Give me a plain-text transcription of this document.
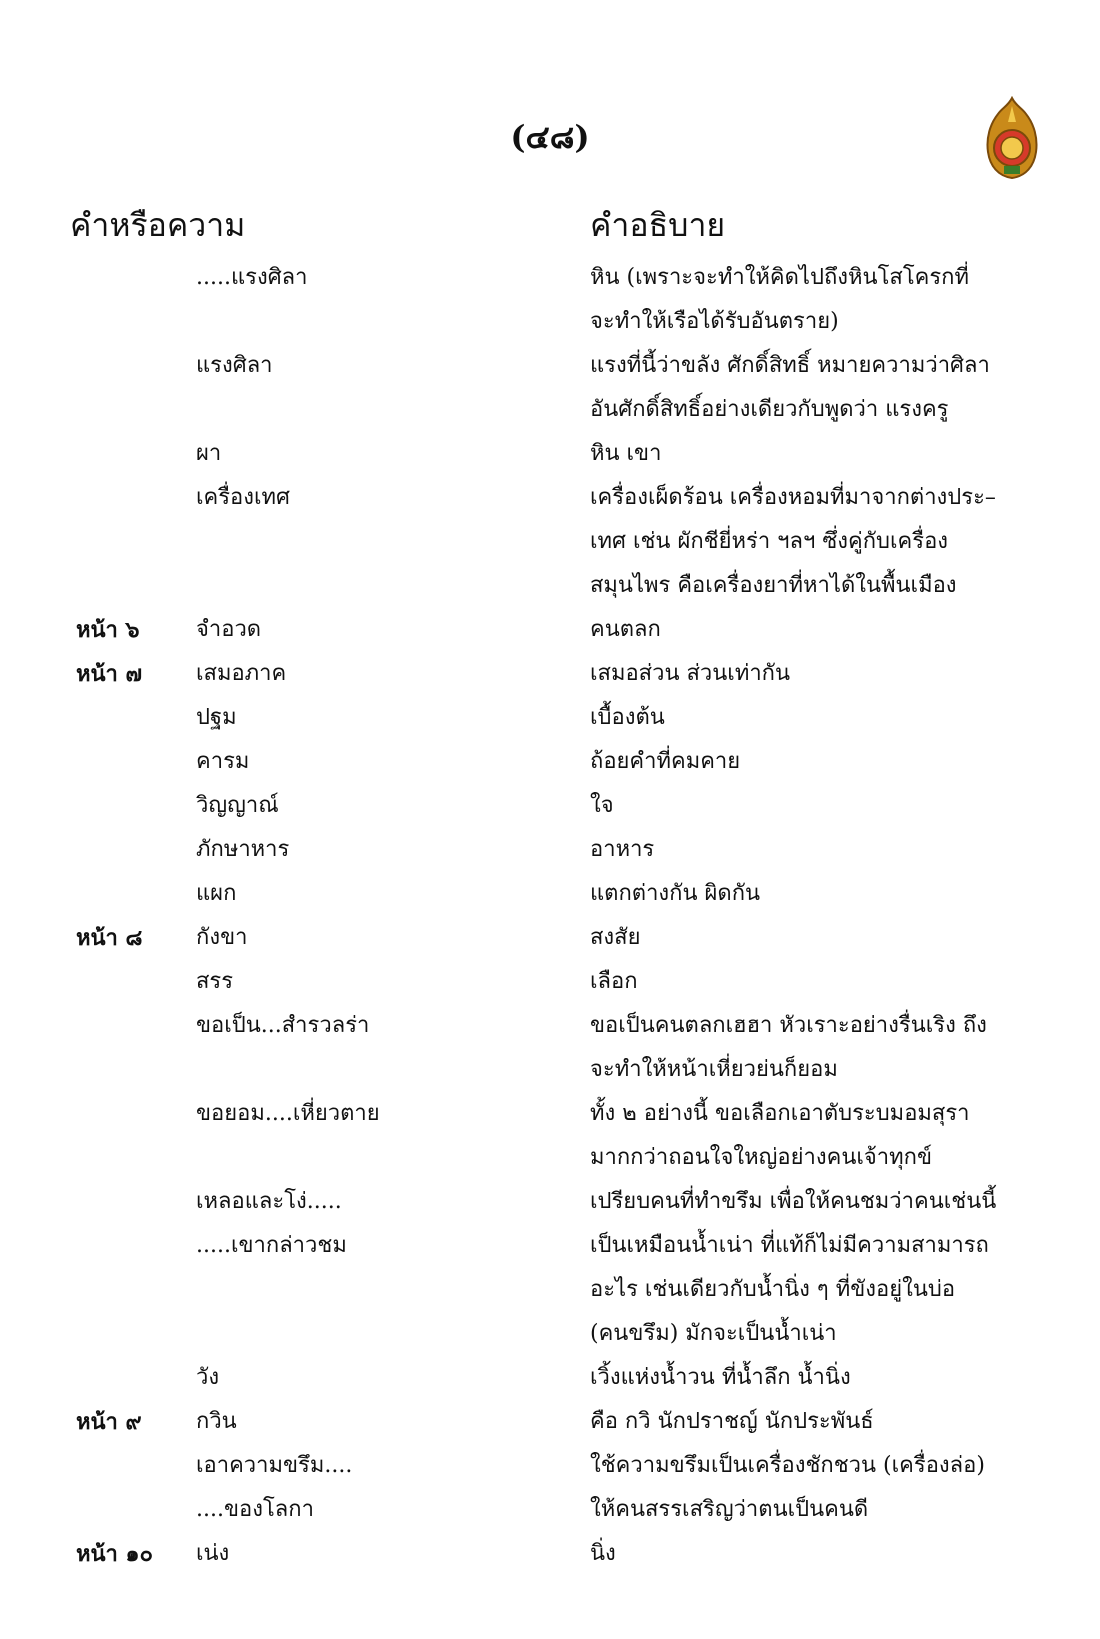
(๔๘)
คำหรือความ	คำอธิบาย
.....แรงศิลา	หิน (เพราะจะทำให้คิดไปถึงหินโสโครกที่
จะทำให้เรือได้รับอันตราย)
แรงศิลา	แรงที่นี้ว่าขลัง ศักดิ์สิทธิ์ หมายความว่าศิลา
อันศักดิ์สิทธิ์อย่างเดียวกับพูดว่า แรงครู
ผา	หิน เขา
เครื่องเทศ	เครื่องเผ็ดร้อน เครื่องหอมที่มาจากต่างประ–
เทศ เช่น ผักชียี่หร่า ฯลฯ ซึ่งคู่กับเครื่อง
สมุนไพร คือเครื่องยาที่หาได้ในพื้นเมือง
หน้า ๖	จำอวด	คนตลก
หน้า ๗ เสมอภาค	เสมอส่วน ส่วนเท่ากัน
ปฐม	เบื้องต้น
คารม	ถ้อยคำที่คมคาย
วิญญาณ์	ใจ
ภักษาหาร	อาหาร
แผก	แตกต่างกัน ผิดกัน
หน้า ๘ กังขา	สงสัย
สรร	เลือก
ขอเป็น...สำรวลร่า	ขอเป็นคนตลกเฮฮา หัวเราะอย่างรื่นเริง ถึง
จะทำให้หน้าเหี่ยวย่นก็ยอม
ขอยอม....เหี่ยวตาย	ทั้ง ๒ อย่างนี้ ขอเลือกเอาตับระบมอมสุรา
มากกว่าถอนใจใหญ่อย่างคนเจ้าทุกข์
เหลอและโง่.....	เปรียบคนที่ทำขรึม เพื่อให้คนชมว่าคนเช่นนี้
.....เขากล่าวชม	เป็นเหมือนน้ำเน่า ที่แท้ก็ไม่มีความสามารถ
อะไร เช่นเดียวกับน้ำนิ่ง ๆ ที่ขังอยู่ในบ่อ
(คนขรึม) มักจะเป็นน้ำเน่า
วัง	เวิ้งแห่งน้ำวน ที่น้ำลึก น้ำนิ่ง
หน้า ๙ กวิน	คือ กวิ นักปราชญ์ นักประพันธ์
เอาความขรึม....	ใช้ความขรึมเป็นเครื่องชักชวน (เครื่องล่อ)
....ของโลกา	ให้คนสรรเสริญว่าตนเป็นคนดี
หน้า ๑๐ เน่ง	นิ่ง
